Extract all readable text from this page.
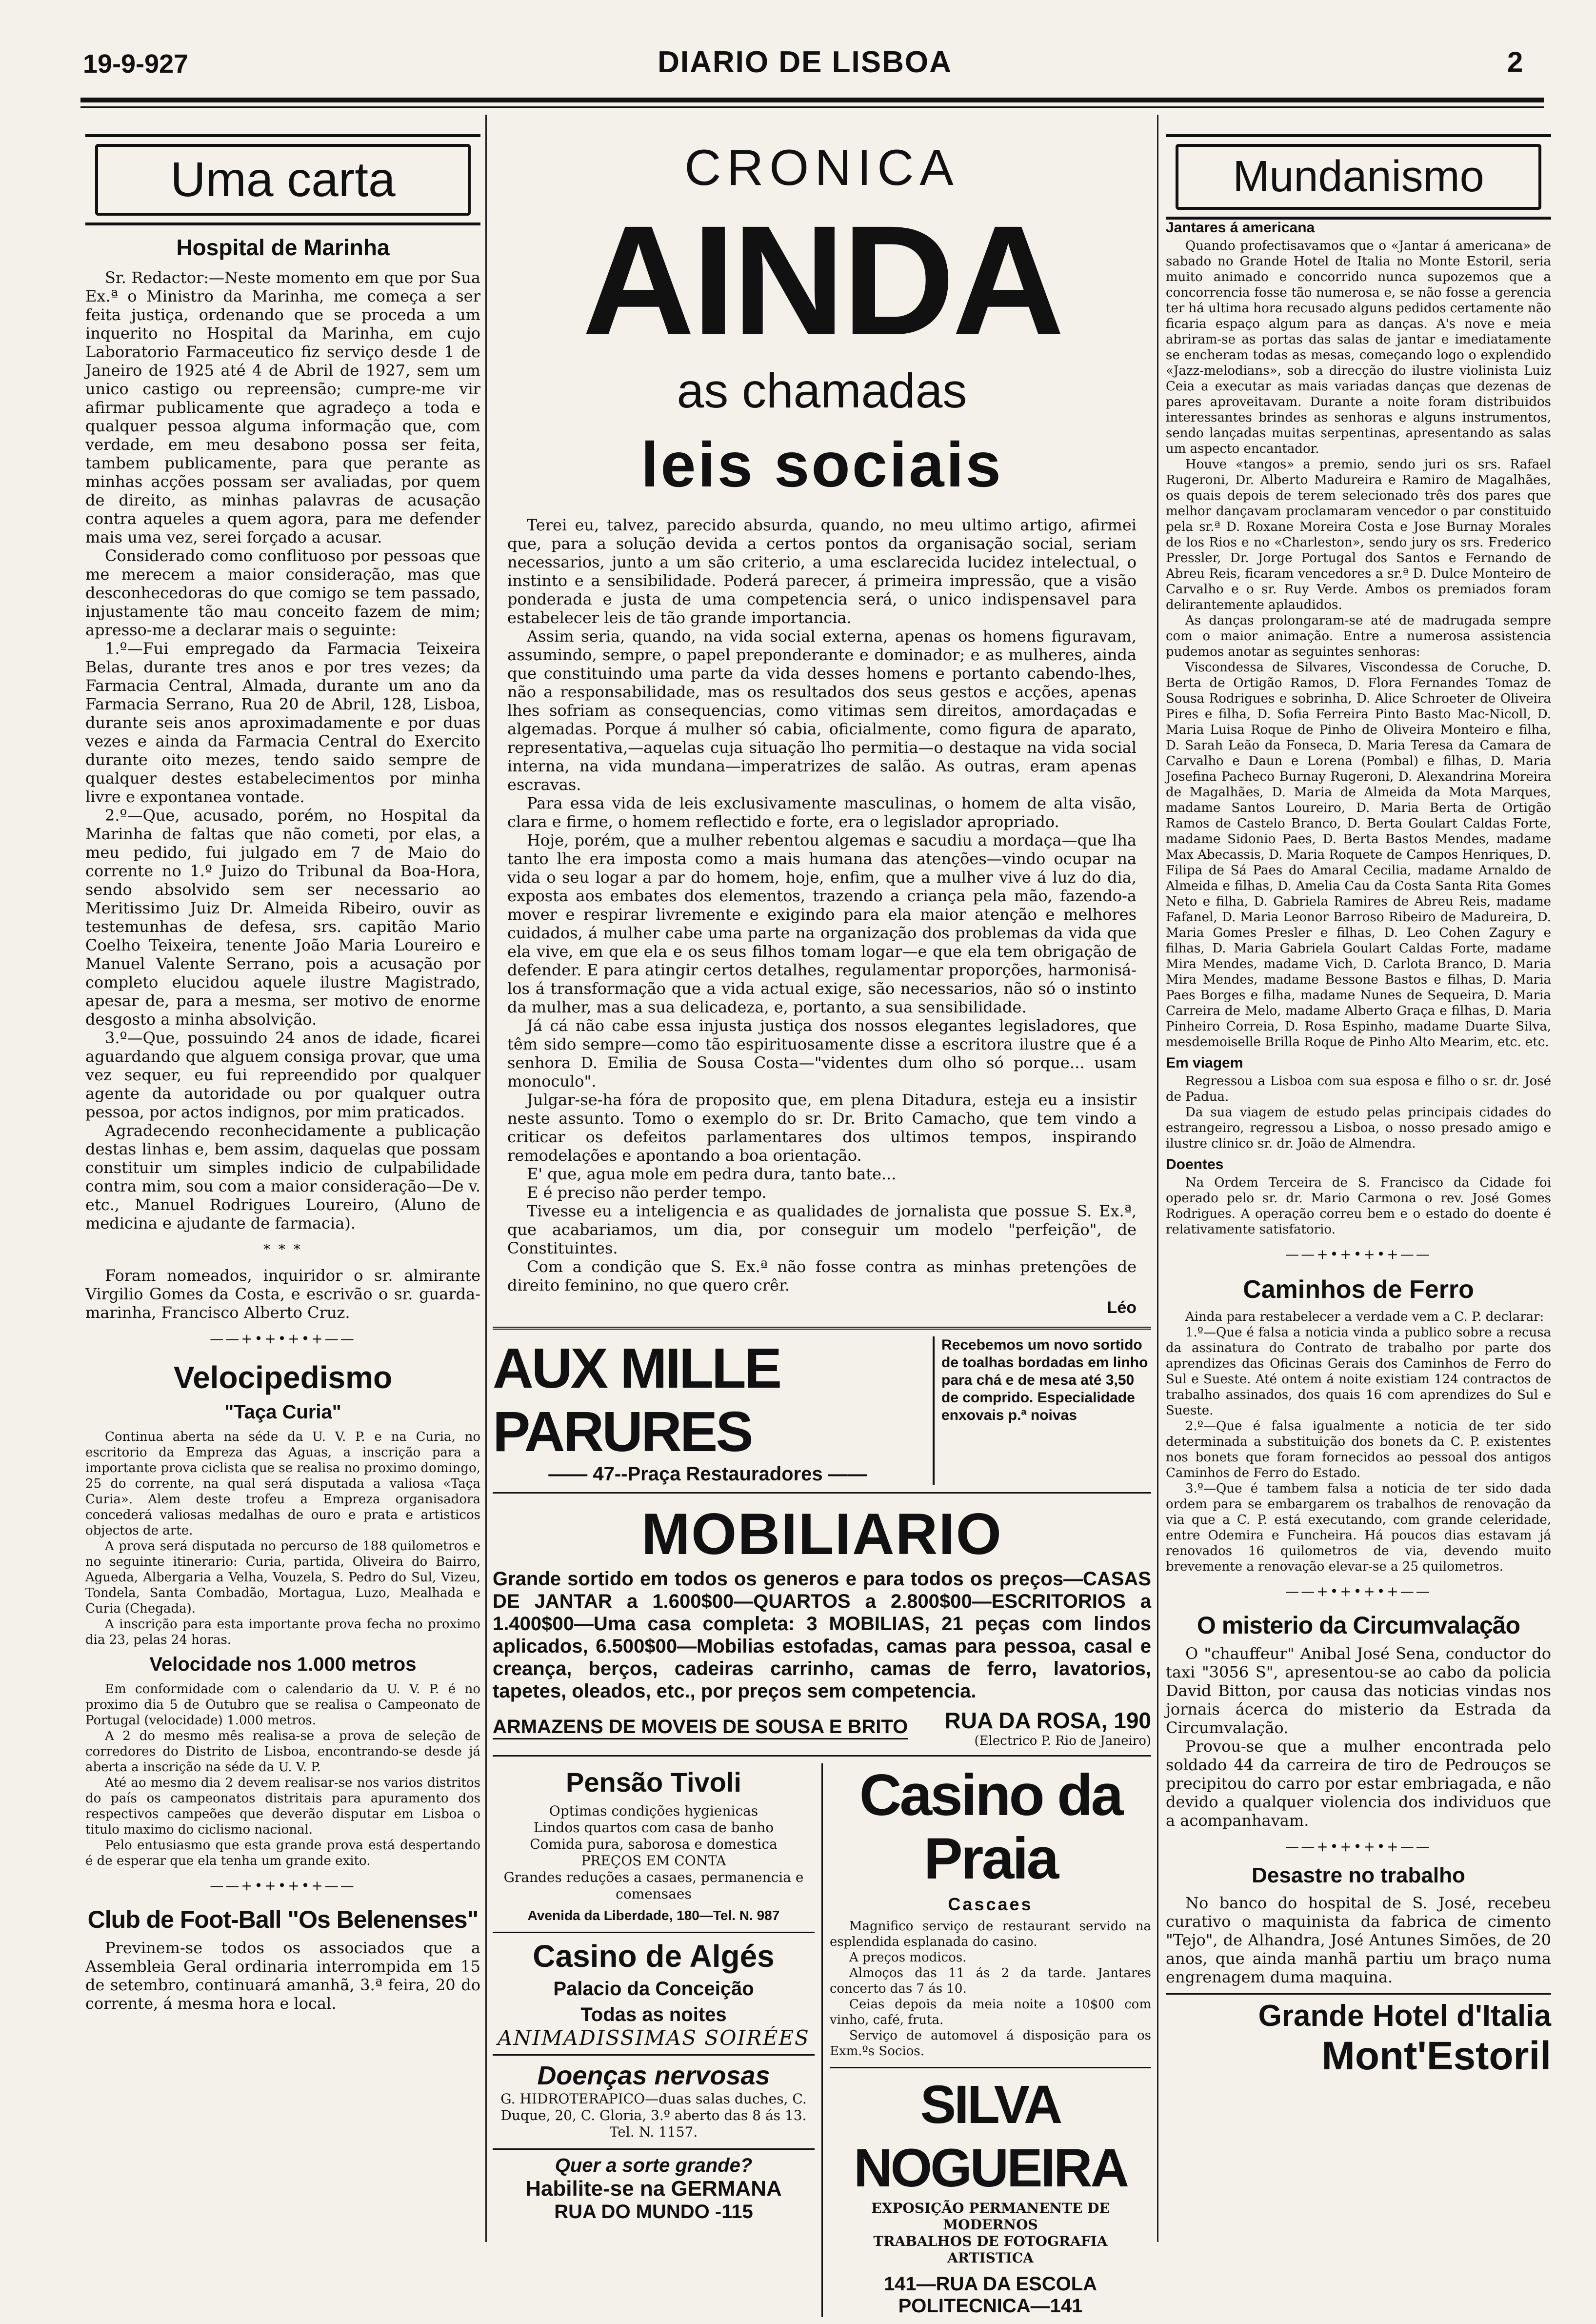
19-9-927	DIARIO DE LISBOA	2
Uma carta
Hospital de Marinha

Sr. Redactor:—Neste momento em que por Sua Ex.ª o Ministro da Marinha, me começa a ser feita justiça, ordenando que se proceda a um inquerito no Hospital da Marinha, em cujo Laboratorio Farmaceutico fiz serviço desde 1 de Janeiro de 1925 até 4 de Abril de 1927, sem um unico castigo ou repreensão; cumpre-me vir afirmar publicamente que agradeço a toda e qualquer pessoa alguma informação que, com verdade, em meu desabono possa ser feita, tambem publicamente, para que perante as minhas acções possam ser avaliadas, por quem de direito, as minhas palavras de acusação contra aqueles a quem agora, para me defender mais uma vez, serei forçado a acusar.

Considerado como conflituoso por pessoas que me merecem a maior consideração, mas que desconhecedoras do que comigo se tem passado, injustamente tão mau conceito fazem de mim; apresso-me a declarar mais o seguinte:

1.º—Fui empregado da Farmacia Teixeira Belas, durante tres anos e por tres vezes; da Farmacia Central, Almada, durante um ano da Farmacia Serrano, Rua 20 de Abril, 128, Lisboa, durante seis anos aproximadamente e por duas vezes e ainda da Farmacia Central do Exercito durante oito mezes, tendo saido sempre de qualquer destes estabelecimentos por minha livre e expontanea vontade.

2.º—Que, acusado, porém, no Hospital da Marinha de faltas que não cometi, por elas, a meu pedido, fui julgado em 7 de Maio do corrente no 1.º Juizo do Tribunal da Boa-Hora, sendo absolvido sem ser necessario ao Meritissimo Juiz Dr. Almeida Ribeiro, ouvir as testemunhas de defesa, srs. capitão Mario Coelho Teixeira, tenente João Maria Loureiro e Manuel Valente Serrano, pois a acusação por completo elucidou aquele ilustre Magistrado, apesar de, para a mesma, ser motivo de enorme desgosto a minha absolvição.

3.º—Que, possuindo 24 anos de idade, ficarei aguardando que alguem consiga provar, que uma vez sequer, eu fui repreendido por qualquer agente da autoridade ou por qualquer outra pessoa, por actos indignos, por mim praticados.

Agradecendo reconhecidamente a publicação destas linhas e, bem assim, daquelas que possam constituir um simples indicio de culpabilidade contra mim, sou com a maior consideração—De v. etc., Manuel Rodrigues Loureiro, (Aluno de medicina e ajudante de farmacia).

* * *

Foram nomeados, inquiridor o sr. almirante Virgilio Gomes da Costa, e escrivão o sr. guarda-marinha, Francisco Alberto Cruz.

——+•+•+•+——
Velocipedismo
"Taça Curia"

Continua aberta na séde da U. V. P. e na Curia, no escritorio da Empreza das Aguas, a inscrição para a importante prova ciclista que se realisa no proximo domingo, 25 do corrente, na qual será disputada a valiosa «Taça Curia». Alem deste trofeu a Empreza organisadora concederá valiosas medalhas de ouro e prata e artisticos objectos de arte.

A prova será disputada no percurso de 188 quilometros e no seguinte itinerario: Curia, partida, Oliveira do Bairro, Agueda, Albergaria a Velha, Vouzela, S. Pedro do Sul, Vizeu, Tondela, Santa Combadão, Mortagua, Luzo, Mealhada e Curia (Chegada).

A inscrição para esta importante prova fecha no proximo dia 23, pelas 24 horas.

Velocidade nos 1.000 metros

Em conformidade com o calendario da U. V. P. é no proximo dia 5 de Outubro que se realisa o Campeonato de Portugal (velocidade) 1.000 metros.

A 2 do mesmo mês realisa-se a prova de seleção de corredores do Distrito de Lisboa, encontrando-se desde já aberta a inscrição na séde da U. V. P.

Até ao mesmo dia 2 devem realisar-se nos varios distritos do país os campeonatos distritais para apuramento dos respectivos campeões que deverão disputar em Lisboa o titulo maximo do ciclismo nacional.

Pelo entusiasmo que esta grande prova está despertando é de esperar que ela tenha um grande exito.

——+•+•+•+——
Club de Foot-Ball "Os Belenenses"

Previnem-se todos os associados que a Assembleia Geral ordinaria interrompida em 15 de setembro, continuará amanhã, 3.ª feira, 20 do corrente, á mesma hora e local.

CRONICA
AINDA
as chamadas
leis sociais

Terei eu, talvez, parecido absurda, quando, no meu ultimo artigo, afirmei que, para a solução devida a certos pontos da organisação social, seriam necessarios, junto a um são criterio, a uma esclarecida lucidez intelectual, o instinto e a sensibilidade. Poderá parecer, á primeira impressão, que a visão ponderada e justa de uma competencia será, o unico indispensavel para estabelecer leis de tão grande importancia.

Assim seria, quando, na vida social externa, apenas os homens figuravam, assumindo, sempre, o papel preponderante e dominador; e as mulheres, ainda que constituindo uma parte da vida desses homens e portanto cabendo-lhes, não a responsabilidade, mas os resultados dos seus gestos e acções, apenas lhes sofriam as consequencias, como vitimas sem direitos, amordaçadas e algemadas. Porque á mulher só cabia, oficialmente, como figura de aparato, representativa,—aquelas cuja situação lho permitia—o destaque na vida social interna, na vida mundana—imperatrizes de salão. As outras, eram apenas escravas.

Para essa vida de leis exclusivamente masculinas, o homem de alta visão, clara e firme, o homem reflectido e forte, era o legislador apropriado.

Hoje, porém, que a mulher rebentou algemas e sacudiu a mordaça—que lha tanto lhe era imposta como a mais humana das atenções—vindo ocupar na vida o seu logar a par do homem, hoje, enfim, que a mulher vive á luz do dia, exposta aos embates dos elementos, trazendo a criança pela mão, fazendo-a mover e respirar livremente e exigindo para ela maior atenção e melhores cuidados, á mulher cabe uma parte na organização dos problemas da vida que ela vive, em que ela e os seus filhos tomam logar—e que ela tem obrigação de defender. E para atingir certos detalhes, regulamentar proporções, harmonisá-los á transformação que a vida actual exige, são necessarios, não só o instinto da mulher, mas a sua delicadeza, e, portanto, a sua sensibilidade.

Já cá não cabe essa injusta justiça dos nossos elegantes legisladores, que têm sido sempre—como tão espirituosamente disse a escritora ilustre que é a senhora D. Emilia de Sousa Costa—"videntes dum olho só porque... usam monoculo".

Julgar-se-ha fóra de proposito que, em plena Ditadura, esteja eu a insistir neste assunto. Tomo o exemplo do sr. Dr. Brito Camacho, que tem vindo a criticar os defeitos parlamentares dos ultimos tempos, inspirando remodelações e apontando a boa orientação.

E' que, agua mole em pedra dura, tanto bate...

E é preciso não perder tempo.

Tivesse eu a inteligencia e as qualidades de jornalista que possue S. Ex.ª, que acabariamos, um dia, por conseguir um modelo "perfeição", de Constituintes.

Com a condição que S. Ex.ª não fosse contra as minhas pretenções de direito feminino, no que quero crêr.

Léo
AUX MILLE PARURES
—— 47--Praça Restauradores ——
Recebemos um novo sortido de toalhas bordadas em linho para chá e de mesa até 3,50 de comprido. Especialidade enxovais p.ª noivas
MOBILIARIO
Grande sortido em todos os generos e para todos os preços—CASAS DE JANTAR a 1.600$00—QUARTOS a 2.800$00—ESCRITORIOS a 1.400$00—Uma casa completa: 3 MOBILIAS, 21 peças com lindos aplicados, 6.500$00—Mobilias estofadas, camas para pessoa, casal e creança, berços, cadeiras carrinho, camas de ferro, lavatorios, tapetes, oleados, etc., por preços sem competencia.
ARMAZENS DE MOVEIS DE SOUSA E BRITO RUA DA ROSA, 190
(Electrico P. Rio de Janeiro)
Pensão Tivoli
Optimas condições hygienicas
Lindos quartos com casa de banho
Comida pura, saborosa e domestica
PREÇOS EM CONTA
Grandes reduções a casaes, permanencia e comensaes
Avenida da Liberdade, 180—Tel. N. 987
Casino de Algés
Palacio da Conceição
Todas as noites
ANIMADISSIMAS SOIRÉES
Doenças nervosas
G. HIDROTERAPICO—duas salas duches, C. Duque, 20, C. Gloria, 3.º aberto das 8 ás 13. Tel. N. 1157.
Quer a sorte grande?
Habilite-se na GERMANA
RUA DO MUNDO -115
Casino da Praia
Cascaes

Magnifico serviço de restaurant servido na esplendida esplanada do casino.

A preços modicos.

Almoços das 11 ás 2 da tarde. Jantares concerto das 7 ás 10.

Ceias depois da meia noite a 10$00 com vinho, café, fruta.

Serviço de automovel á disposição para os Exm.ºs Socios.

SILVA NOGUEIRA
EXPOSIÇÃO PERMANENTE DE MODERNOS
TRABALHOS DE FOTOGRAFIA ARTISTICA
141—RUA DA ESCOLA POLITECNICA—141
Mundanismo
Jantares á americana

Quando profectisavamos que o «Jantar á americana» de sabado no Grande Hotel de Italia no Monte Estoril, seria muito animado e concorrido nunca supozemos que a concorrencia fosse tão numerosa e, se não fosse a gerencia ter há ultima hora recusado alguns pedidos certamente não ficaria espaço algum para as danças. A's nove e meia abriram-se as portas das salas de jantar e imediatamente se encheram todas as mesas, começando logo o explendido «Jazz-melodians», sob a direcção do ilustre violinista Luiz Ceia a executar as mais variadas danças que dezenas de pares aproveitavam. Durante a noite foram distribuidos interessantes brindes as senhoras e alguns instrumentos, sendo lançadas muitas serpentinas, apresentando as salas um aspecto encantador.

Houve «tangos» a premio, sendo juri os srs. Rafael Rugeroni, Dr. Alberto Madureira e Ramiro de Magalhães, os quais depois de terem selecionado três dos pares que melhor dançavam proclamaram vencedor o par constituido pela sr.ª D. Roxane Moreira Costa e Jose Burnay Morales de los Rios e no «Charleston», sendo jury os srs. Frederico Pressler, Dr. Jorge Portugal dos Santos e Fernando de Abreu Reis, ficaram vencedores a sr.ª D. Dulce Monteiro de Carvalho e o sr. Ruy Verde. Ambos os premiados foram delirantemente aplaudidos.

As danças prolongaram-se até de madrugada sempre com o maior animação. Entre a numerosa assistencia pudemos anotar as seguintes senhoras:

Viscondessa de Silvares, Viscondessa de Coruche, D. Berta de Ortigão Ramos, D. Flora Fernandes Tomaz de Sousa Rodrigues e sobrinha, D. Alice Schroeter de Oliveira Pires e filha, D. Sofia Ferreira Pinto Basto Mac-Nicoll, D. Maria Luisa Roque de Pinho de Oliveira Monteiro e filha, D. Sarah Leão da Fonseca, D. Maria Teresa da Camara de Carvalho e Daun e Lorena (Pombal) e filhas, D. Maria Josefina Pacheco Burnay Rugeroni, D. Alexandrina Moreira de Magalhães, D. Maria de Almeida da Mota Marques, madame Santos Loureiro, D. Maria Berta de Ortigão Ramos de Castelo Branco, D. Berta Goulart Caldas Forte, madame Sidonio Paes, D. Berta Bastos Mendes, madame Max Abecassis, D. Maria Roquete de Campos Henriques, D. Filipa de Sá Paes do Amaral Cecilia, madame Arnaldo de Almeida e filhas, D. Amelia Cau da Costa Santa Rita Gomes Neto e filha, D. Gabriela Ramires de Abreu Reis, madame Fafanel, D. Maria Leonor Barroso Ribeiro de Madureira, D. Maria Gomes Presler e filhas, D. Leo Cohen Zagury e filhas, D. Maria Gabriela Goulart Caldas Forte, madame Mira Mendes, madame Vich, D. Carlota Branco, D. Maria Mira Mendes, madame Bessone Bastos e filhas, D. Maria Paes Borges e filha, madame Nunes de Sequeira, D. Maria Carreira de Melo, madame Alberto Graça e filhas, D. Maria Pinheiro Correia, D. Rosa Espinho, madame Duarte Silva, mesdemoiselle Brilla Roque de Pinho Alto Mearim, etc. etc.

Em viagem

Regressou a Lisboa com sua esposa e filho o sr. dr. José de Padua.

Da sua viagem de estudo pelas principais cidades do estrangeiro, regressou a Lisboa, o nosso presado amigo e ilustre clinico sr. dr. João de Almendra.

Doentes

Na Ordem Terceira de S. Francisco da Cidade foi operado pelo sr. dr. Mario Carmona o rev. José Gomes Rodrigues. A operação correu bem e o estado do doente é relativamente satisfatorio.

——+•+•+•+——
Caminhos de Ferro

Ainda para restabelecer a verdade vem a C. P. declarar:

1.º—Que é falsa a noticia vinda a publico sobre a recusa da assinatura do Contrato de trabalho por parte dos aprendizes das Oficinas Gerais dos Caminhos de Ferro do Sul e Sueste. Até ontem á noite existiam 124 contractos de trabalho assinados, dos quais 16 com aprendizes do Sul e Sueste.

2.º—Que é falsa igualmente a noticia de ter sido determinada a substituição dos bonets da C. P. existentes nos bonets que foram fornecidos ao pessoal dos antigos Caminhos de Ferro do Estado.

3.º—Que é tambem falsa a noticia de ter sido dada ordem para se embargarem os trabalhos de renovação da via que a C. P. está executando, com grande celeridade, entre Odemira e Funcheira. Há poucos dias estavam já renovados 16 quilometros de via, devendo muito brevemente a renovação elevar-se a 25 quilometros.

——+•+•+•+——
O misterio da Circumvalação

O "chauffeur" Anibal José Sena, conductor do taxi "3056 S", apresentou-se ao cabo da policia David Bitton, por causa das noticias vindas nos jornais ácerca do misterio da Estrada da Circumvalação.

Provou-se que a mulher encontrada pelo soldado 44 da carreira de tiro de Pedrouços se precipitou do carro por estar embriagada, e não devido a qualquer violencia dos individuos que a acompanhavam.

——+•+•+•+——
Desastre no trabalho

No banco do hospital de S. José, recebeu curativo o maquinista da fabrica de cimento "Tejo", de Alhandra, José Antunes Simões, de 20 anos, que ainda manhã partiu um braço numa engrenagem duma maquina.

Grande Hotel d'Italia
Mont'Estoril
